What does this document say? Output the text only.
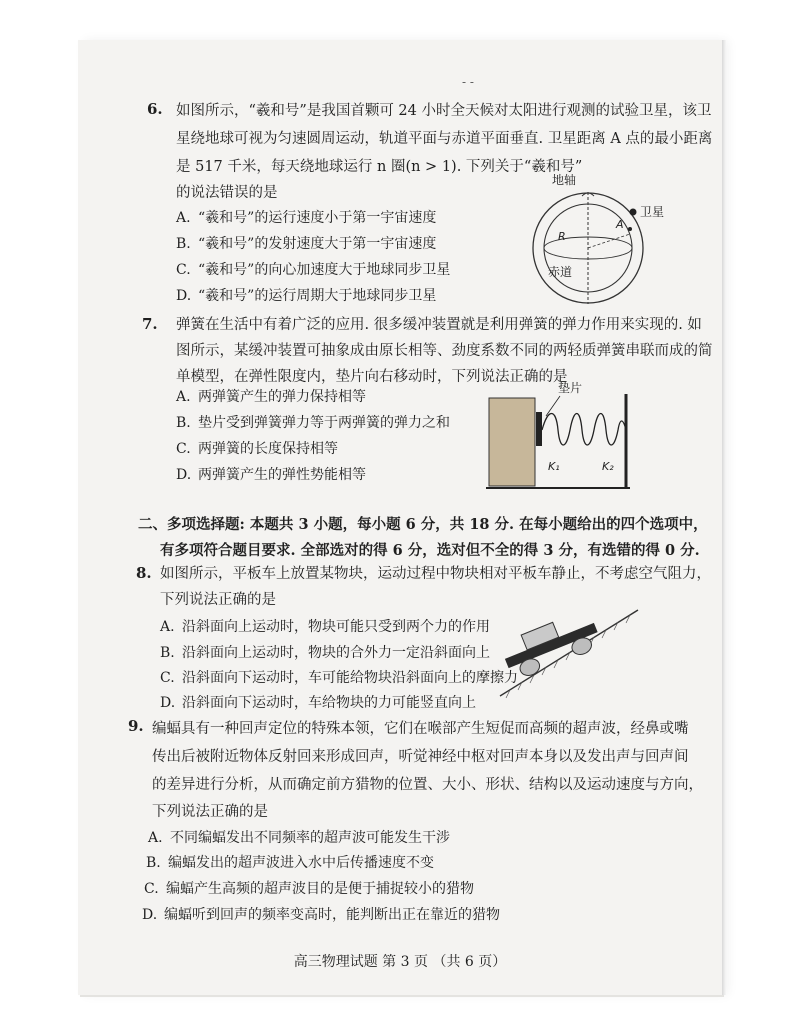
- -
6. 如图所示，“羲和号”是我国首颗可 24 小时全天候对太阳进行观测的试验卫星，该卫
星绕地球可视为匀速圆周运动，轨道平面与赤道平面垂直. 卫星距离 A 点的最小距离
是 517 千米，每天绕地球运行 n 圈(n > 1). 下列关于“羲和号”
的说法错误的是
A. “羲和号”的运行速度小于第一宇宙速度
B. “羲和号”的发射速度大于第一宇宙速度
C. “羲和号”的向心加速度大于地球同步卫星
D. “羲和号”的运行周期大于地球同步卫星
地轴
R
A
卫星
赤道
7. 弹簧在生活中有着广泛的应用. 很多缓冲装置就是利用弹簧的弹力作用来实现的. 如
图所示，某缓冲装置可抽象成由原长相等、劲度系数不同的两轻质弹簧串联而成的简
单模型，在弹性限度内，垫片向右移动时，下列说法正确的是
A. 两弹簧产生的弹力保持相等
B. 垫片受到弹簧弹力等于两弹簧的弹力之和
C. 两弹簧的长度保持相等
D. 两弹簧产生的弹性势能相等
垫片
K₁	K₂
二、多项选择题: 本题共 3 小题，每小题 6 分，共 18 分. 在每小题给出的四个选项中，
有多项符合题目要求. 全部选对的得 6 分，选对但不全的得 3 分，有选错的得 0 分.
8. 如图所示，平板车上放置某物块，运动过程中物块相对平板车静止，不考虑空气阻力，
下列说法正确的是
A. 沿斜面向上运动时，物块可能只受到两个力的作用
B. 沿斜面向上运动时，物块的合外力一定沿斜面向上
C. 沿斜面向下运动时，车可能给物块沿斜面向上的摩擦力
D. 沿斜面向下运动时，车给物块的力可能竖直向上
9. 编蝠具有一种回声定位的特殊本领，它们在喉部产生短促而高频的超声波，经鼻或嘴
传出后被附近物体反射回来形成回声，听觉神经中枢对回声本身以及发出声与回声间
的差异进行分析，从而确定前方猎物的位置、大小、形状、结构以及运动速度与方向，
下列说法正确的是
A. 不同编蝠发出不同频率的超声波可能发生干涉
B. 编蝠发出的超声波进入水中后传播速度不变
C. 编蝠产生高频的超声波目的是便于捕捉较小的猎物
D. 编蝠听到回声的频率变高时，能判断出正在靠近的猎物
高三物理试题 第 3 页 （共 6 页）
